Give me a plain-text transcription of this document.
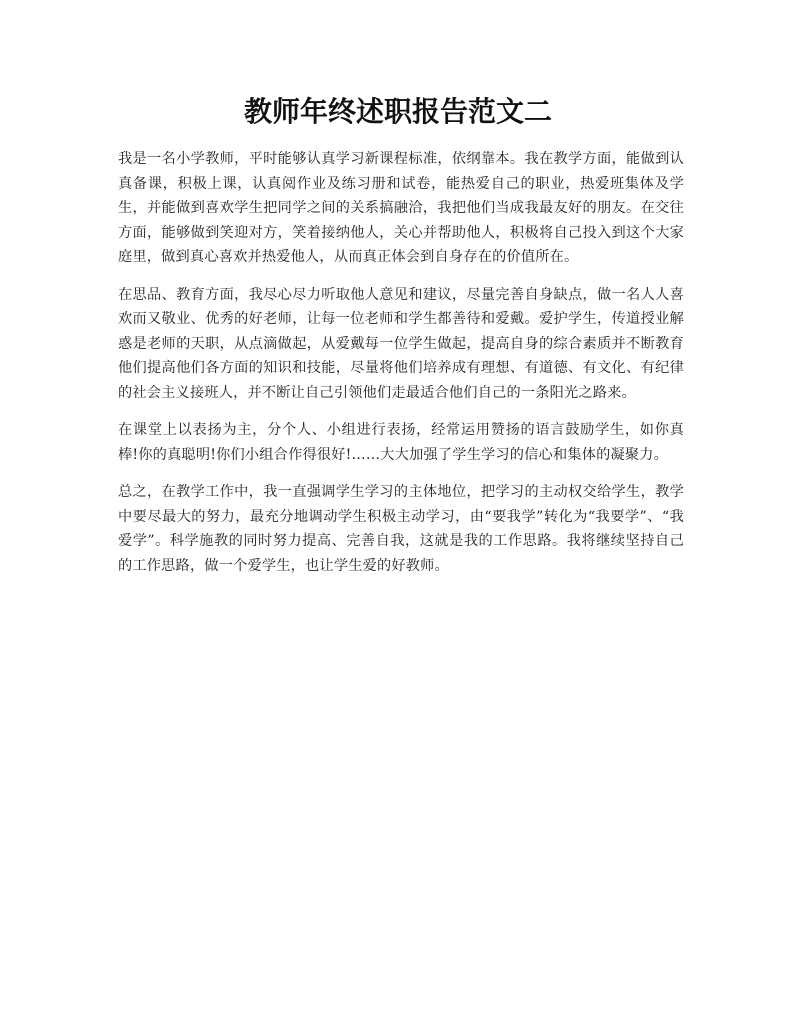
教师年终述职报告范文二

我是一名小学教师，平时能够认真学习新课程标准，依纲靠本。我在教学方面，能做到认真备课，积极上课，认真阅作业及练习册和试卷，能热爱自己的职业，热爱班集体及学生，并能做到喜欢学生把同学之间的关系搞融洽，我把他们当成我最友好的朋友。在交往方面，能够做到笑迎对方，笑着接纳他人，关心并帮助他人，积极将自己投入到这个大家庭里，做到真心喜欢并热爱他人，从而真正体会到自身存在的价值所在。

在思品、教育方面，我尽心尽力听取他人意见和建议，尽量完善自身缺点，做一名人人喜欢而又敬业、优秀的好老师，让每一位老师和学生都善待和爱戴。爱护学生，传道授业解惑是老师的天职，从点滴做起，从爱戴每一位学生做起，提高自身的综合素质并不断教育他们提高他们各方面的知识和技能，尽量将他们培养成有理想、有道德、有文化、有纪律的社会主义接班人，并不断让自己引领他们走最适合他们自己的一条阳光之路来。

在课堂上以表扬为主，分个人、小组进行表扬，经常运用赞扬的语言鼓励学生，如你真棒!你的真聪明!你们小组合作得很好!……大大加强了学生学习的信心和集体的凝聚力。

总之，在教学工作中，我一直强调学生学习的主体地位，把学习的主动权交给学生，教学中要尽最大的努力，最充分地调动学生积极主动学习，由“要我学”转化为“我要学”、“我爱学”。科学施教的同时努力提高、完善自我，这就是我的工作思路。我将继续坚持自己的工作思路，做一个爱学生，也让学生爱的好教师。
